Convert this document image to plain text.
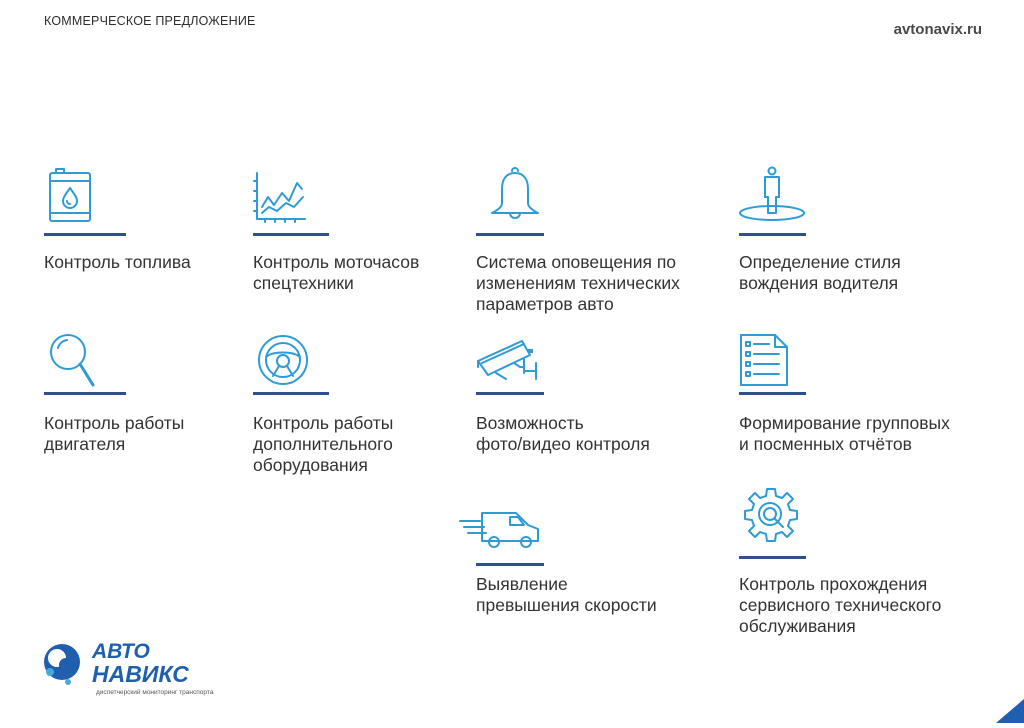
КОММЕРЧЕСКОЕ ПРЕДЛОЖЕНИЕ	avtonavix.ru
Контроль топлива	Контроль моточасов
спецтехники
Система оповещения по
изменениям технических
параметров авто
Определение стиля
вождения водителя
Контроль работы
двигателя
Контроль работы
дополнительного
оборудования
Возможность
фото/видео контроля
Формирование групповых
и посменных отчётов
Выявление
превышения скорости
Контроль прохождения
сервисного технического
обслуживания
АВТО
НАВИКС
диспетчерский мониторинг транспорта
